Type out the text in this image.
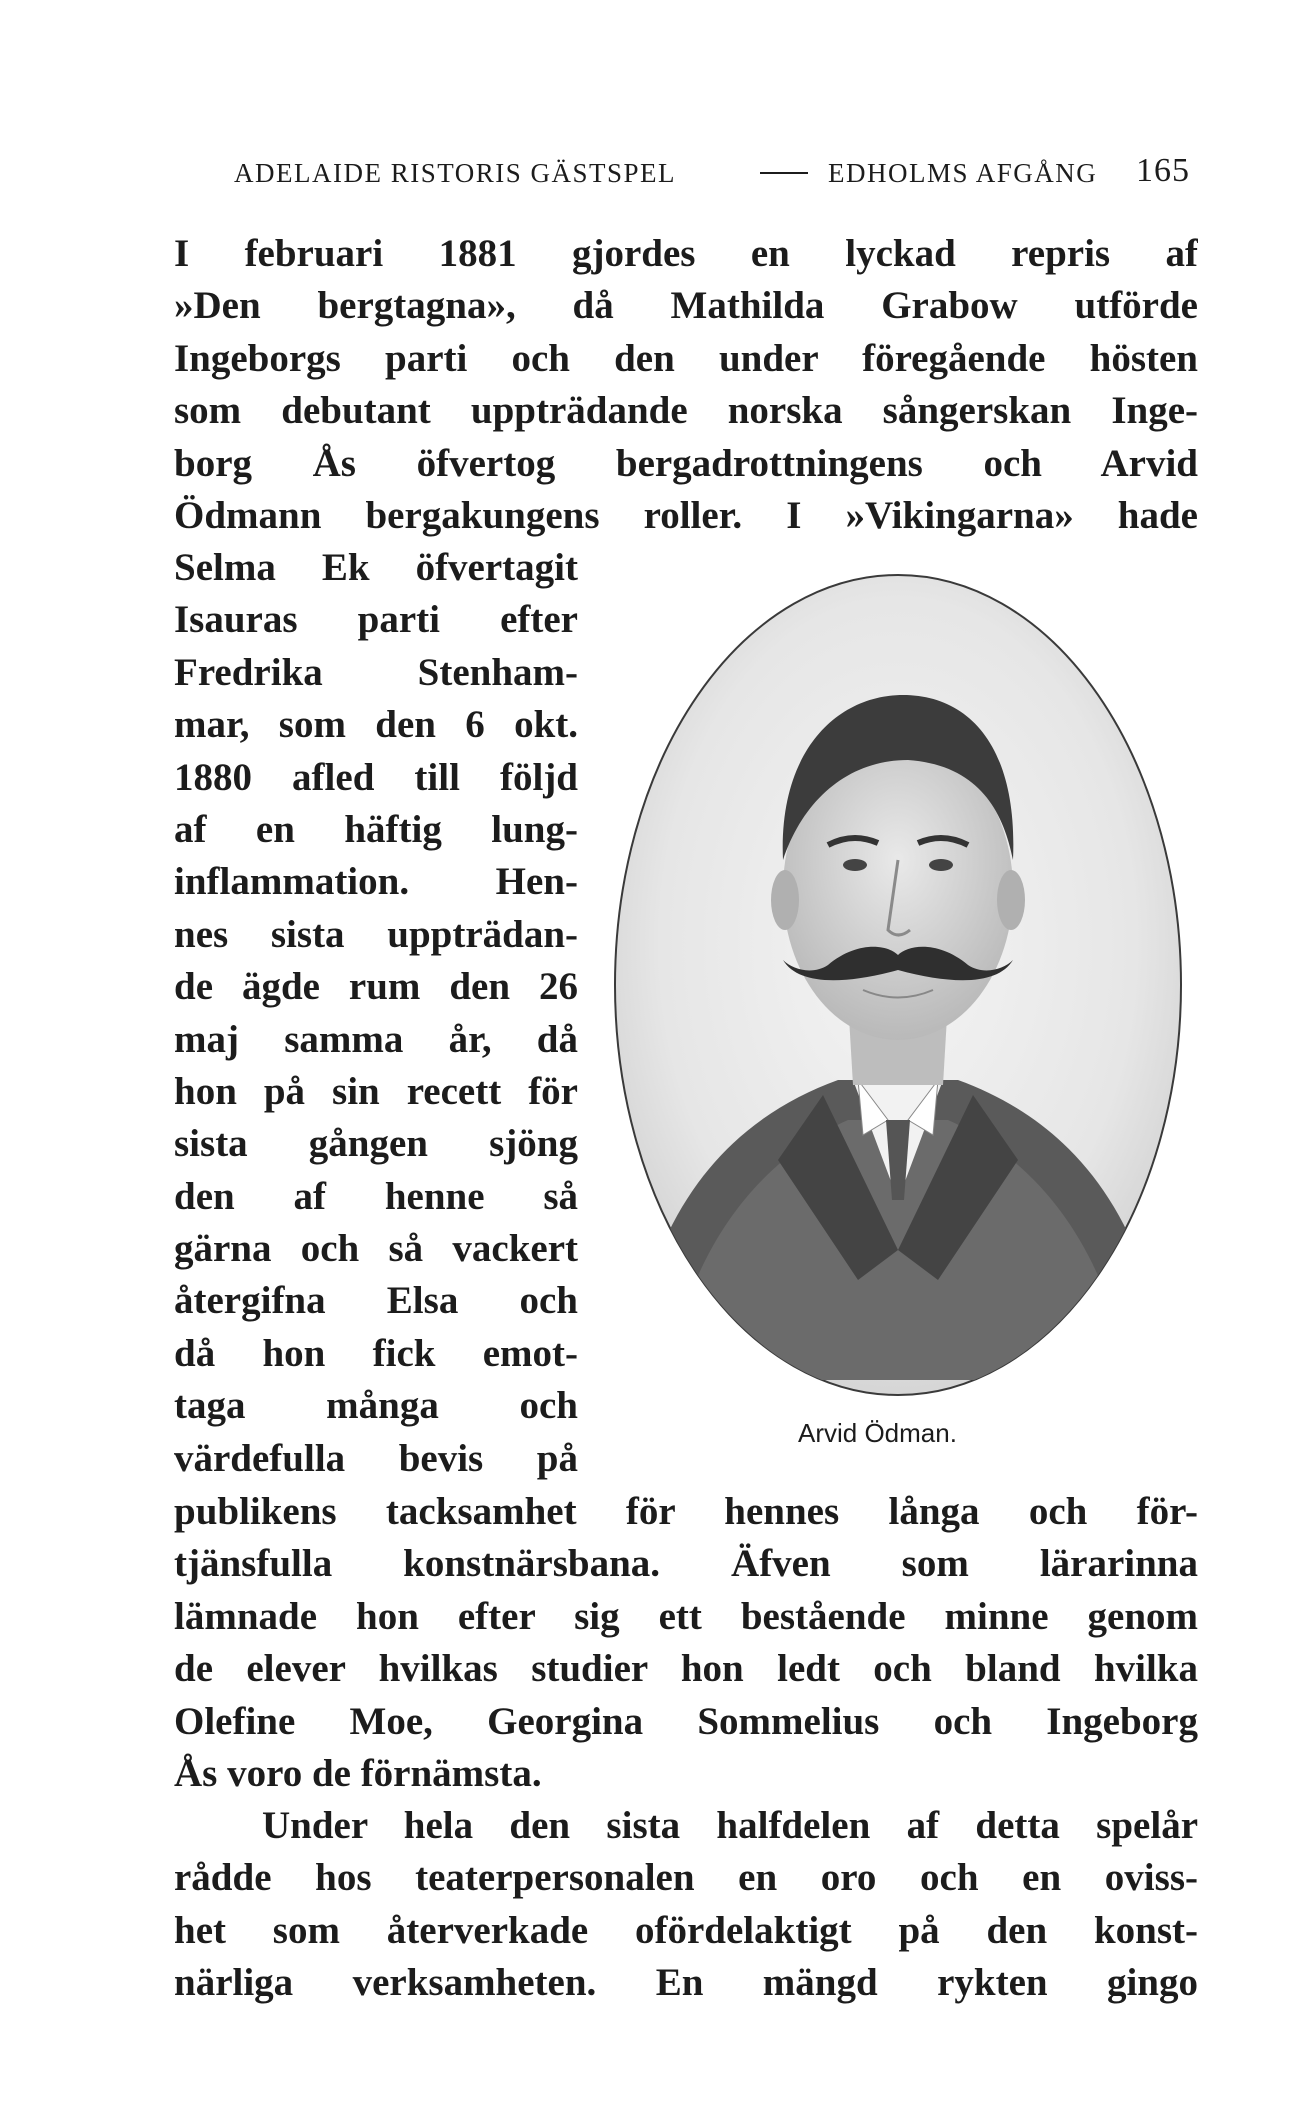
ADELAIDE RISTORIS GÄSTSPEL	EDHOLMS AFGÅNG 165
I februari 1881 gjordes en lyckad repris af
»Den bergtagna», då Mathilda Grabow utförde
Ingeborgs parti och den under föregående hösten
som debutant uppträdande norska sångerskan Inge-
borg Ås öfvertog bergadrottningens och Arvid
Ödmann bergakungens roller. I »Vikingarna» hade
Selma Ek öfvertagit
Isauras parti efter
Fredrika Stenham-
mar, som den 6 okt.
1880 afled till följd
af en häftig lung-
inflammation. Hen-
nes sista uppträdan-
de ägde rum den 26
maj samma år, då
hon på sin recett för
sista gången sjöng
den af henne så
gärna och så vackert
återgifna Elsa och
då hon fick emot-
taga många och
värdefulla bevis på
Arvid Ödman.
publikens tacksamhet för hennes långa och för-
tjänsfulla konstnärsbana. Äfven som lärarinna
lämnade hon efter sig ett bestående minne genom
de elever hvilkas studier hon ledt och bland hvilka
Olefine Moe, Georgina Sommelius och Ingeborg
Ås voro de förnämsta.
Under hela den sista halfdelen af detta spelår
rådde hos teaterpersonalen en oro och en oviss-
het som återverkade ofördelaktigt på den konst-
närliga verksamheten. En mängd rykten gingo
